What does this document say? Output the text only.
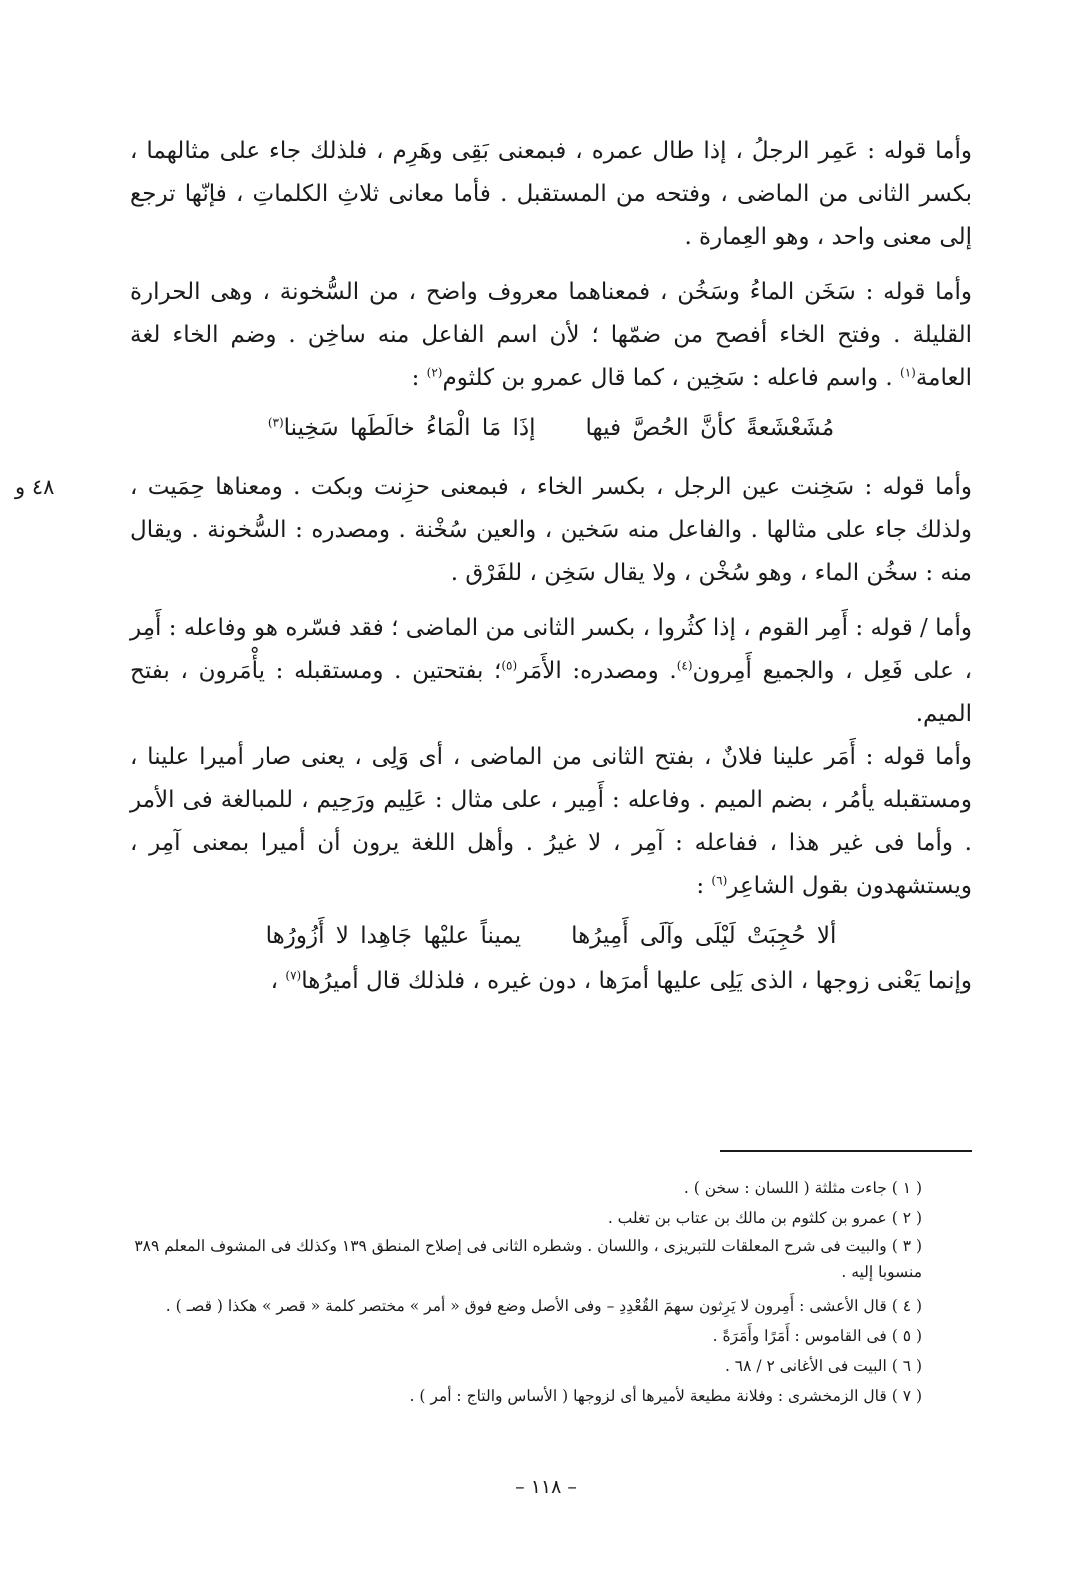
وأما قوله : عَمِر الرجلُ ، إذا طال عمره ، فبمعنى بَقِى وهَرِم ، فلذلك جاء على مثالهما ، بكسر الثانى من الماضى ، وفتحه من المستقبل . فأما معانى ثلاثِ الكلماتِ ، فإنّها ترجع إلى معنى واحد ، وهو العِمارة .

وأما قوله : سَخَن الماءُ وسَخُن ، فمعناهما معروف واضح ، من السُّخونة ، وهى الحرارة القليلة . وفتح الخاء أفصح من ضمّها ؛ لأن اسم الفاعل منه ساخِن . وضم الخاء لغة العامة$^{(١)}$ . واسم فاعله : سَخِين ، كما قال عمرو بن كلثوم$^{(٢)}$ :

مُشَعْشَعةً كأنَّ الحُصَّ فيهاإذَا مَا الْمَاءُ خالَطَها سَخِينا$^{(٣)}$

٤٨ و	وأما قوله : سَخِنت عين الرجل ، بكسر الخاء ، فبمعنى حزِنت وبكت . ومعناها حِمَيت ، ولذلك جاء على مثالها . والفاعل منه سَخين ، والعين سُخْنة . ومصدره : السُّخونة . ويقال منه : سخُن الماء ، وهو سُخْن ، ولا يقال سَخِن ، للفَرْق .

وأما / قوله : أَمِر القوم ، إذا كثُروا ، بكسر الثانى من الماضى ؛ فقد فسّره هو وفاعله : أَمِر ، على فَعِل ، والجميع أَمِرون$^{(٤)}$. ومصدره: الأَمَر$^{(٥)}$؛ بفتحتين . ومستقبله : يأْمَرون ، بفتح الميم.

وأما قوله : أَمَر علينا فلانٌ ، بفتح الثانى من الماضى ، أى وَلِى ، يعنى صار أميرا علينا ، ومستقبله يأمُر ، بضم الميم . وفاعله : أَمِير ، على مثال : عَلِيم ورَحِيم ، للمبالغة فى الأمر . وأما فى غير هذا ، ففاعله : آمِر ، لا غيرُ . وأهل اللغة يرون أن أميرا بمعنى آمِر ، ويستشهدون بقول الشاعِر$^{(٦)}$ :

ألا حُجِبَتْ لَيْلَى وآلَى أَمِيرُهايميناً عليْها جَاهِدا لا أَزُورُها

وإنما يَعْنى زوجها ، الذى يَلِى عليها أمرَها ، دون غيره ، فلذلك قال أميرُها$^{(٧)}$ ،

( ١ ) جاءت مثلثة ( اللسان : سخن ) .

( ٢ ) عمرو بن كلثوم بن مالك بن عتاب بن تغلب .

( ٣ ) والبيت فى شرح المعلقات للتبريزى ، واللسان . وشطره الثانى فى إصلاح المنطق ١٣٩ وكذلك فى المشوف المعلم ٣٨٩ منسوبا إليه .

( ٤ ) قال الأعشى : أَمِرون لا يَرِثون سهمَ القُعْدِدِ – وفى الأصل وضع فوق « أمر » مختصر كلمة « قصر » هكذا ( قصـ ) .

( ٥ ) فى القاموس : أَمَرًا وأَمَرَةً .

( ٦ ) البيت فى الأغانى ٢ / ٦٨ .

( ٧ ) قال الزمخشرى : وفلانة مطيعة لأميرها أى لزوجها ( الأساس والتاج : أمر ) .

– ١١٨ –
